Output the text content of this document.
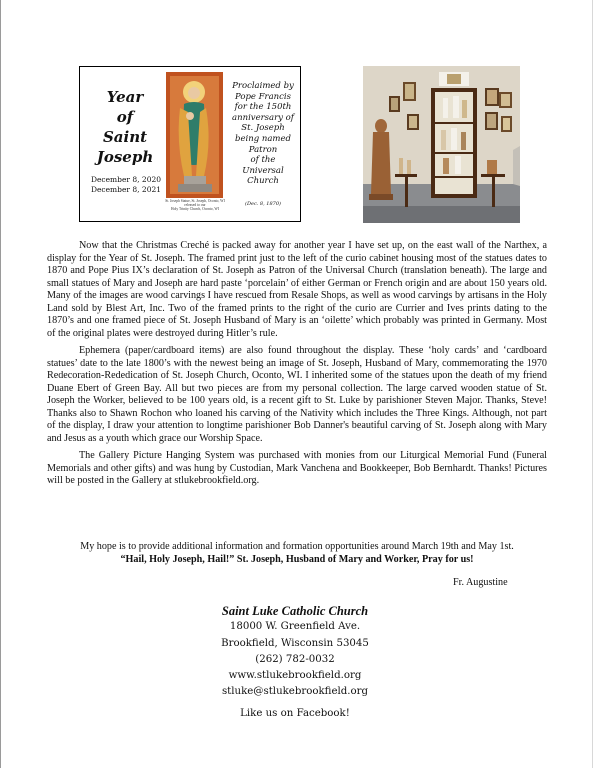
Year
of
Saint
Joseph
December 8, 2020
December 8, 2021
St. Joseph Statue, St. Joseph, Oconto, WI
released to our
Holy Trinity Church, Oconto, WI
Proclaimed by
Pope Francis
for the 150th
anniversary of
St. Joseph
being named
Patron
of the
Universal
Church
(Dec. 8, 1870)

Now that the Christmas Creché is packed away for another year I have set up, on the east wall of the Narthex, a display for the Year of St. Joseph. The framed print just to the left of the curio cabinet housing most of the statues dates to 1870 and Pope Pius IX’s declaration of St. Joseph as Patron of the Universal Church (translation beneath). The large and small statues of Mary and Joseph are hard paste ‘porcelain’ of either German or French origin and are about 150 years old. Many of the images are wood carvings I have rescued from Resale Shops, as well as wood carvings by artisans in the Holy Land sold by Blest Art, Inc. Two of the framed prints to the right of the curio are Currier and Ives prints dating to the 1870’s and one framed piece of St. Joseph Husband of Mary is an ‘oilette’ which probably was printed in Germany. Most of the original plates were destroyed during Hitler’s rule.

Ephemera (paper/cardboard items) are also found throughout the display. These ‘holy cards’ and ‘cardboard statues’ date to the late 1800’s with the newest being an image of St. Joseph, Husband of Mary, commemorating the 1970 Redecoration-Rededication of St. Joseph Church, Oconto, WI. I inherited some of the statues upon the death of my friend Duane Ebert of Green Bay. All but two pieces are from my personal collection. The large carved wooden statue of St. Joseph the Worker, believed to be 100 years old, is a recent gift to St. Luke by parishioner Steven Major. Thanks, Steve! Thanks also to Shawn Rochon who loaned his carving of the Nativity which includes the Three Kings. Although, not part of the display, I draw your attention to longtime parishioner Bob Danner's beautiful carving of St. Joseph along with Mary and Jesus as a youth which grace our Worship Space.

The Gallery Picture Hanging System was purchased with monies from our Liturgical Memorial Fund (Funeral Memorials and other gifts) and was hung by Custodian, Mark Vanchena and Bookkeeper, Bob Bernhardt. Thanks! Pictures will be posted in the Gallery at stlukebrookfield.org.

My hope is to provide additional information and formation opportunities around March 19th and May 1st.
“Hail, Holy Joseph, Hail!” St. Joseph, Husband of Mary and Worker, Pray for us!
Fr. Augustine
Saint Luke Catholic Church
18000 W. Greenfield Ave.
Brookfield, Wisconsin 53045
(262) 782-0032
www.stlukebrookfield.org
stluke@stlukebrookfield.org
Like us on Facebook!
